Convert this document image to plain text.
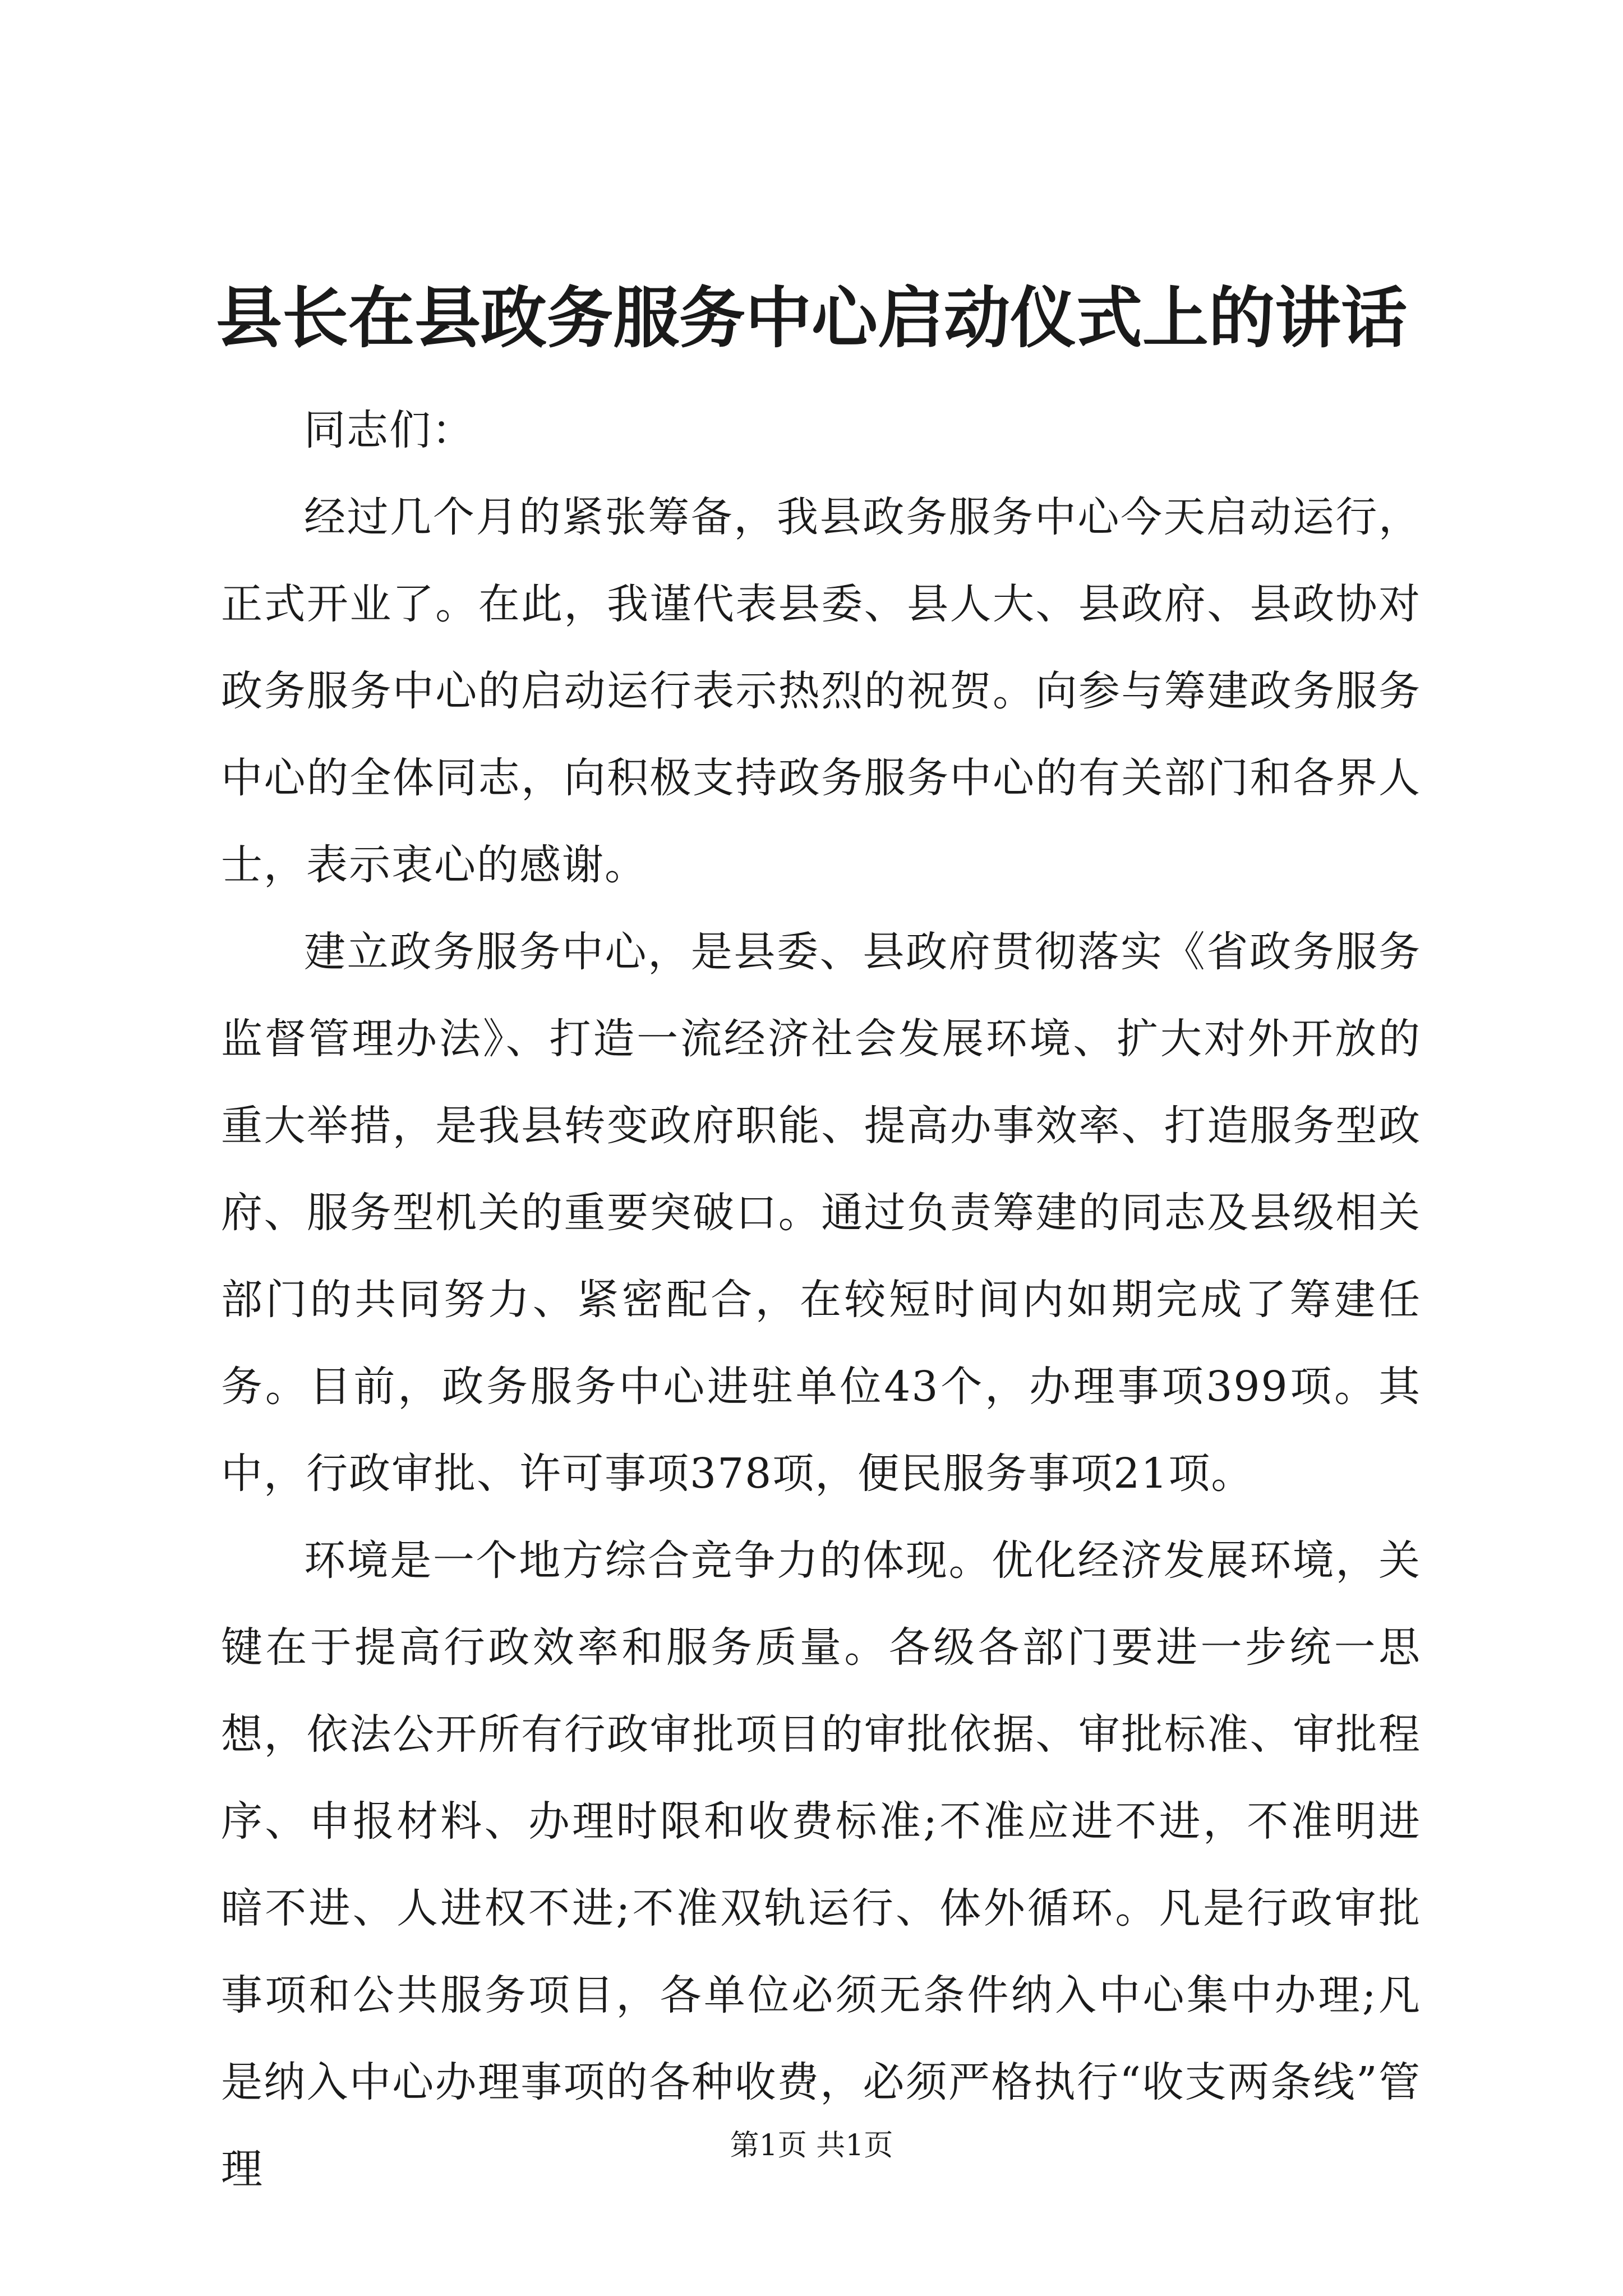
县长在县政务服务中心启动仪式上的讲话

同志们：

经过几个月的紧张筹备，我县政务服务中心今天启动运行，正式开业了。在此，我谨代表县委、县人大、县政府、县政协对政务服务中心的启动运行表示热烈的祝贺。向参与筹建政务服务中心的全体同志，向积极支持政务服务中心的有关部门和各界人士，表示衷心的感谢。

建立政务服务中心，是县委、县政府贯彻落实《省政务服务监督管理办法》、打造一流经济社会发展环境、扩大对外开放的重大举措，是我县转变政府职能、提高办事效率、打造服务型政府、服务型机关的重要突破口。通过负责筹建的同志及县级相关部门的共同努力、紧密配合，在较短时间内如期完成了筹建任务。目前，政务服务中心进驻单位43个，办理事项399项。其中，行政审批、许可事项378项，便民服务事项21项。

环境是一个地方综合竞争力的体现。优化经济发展环境，关键在于提高行政效率和服务质量。各级各部门要进一步统一思想，依法公开所有行政审批项目的审批依据、审批标准、审批程序、申报材料、办理时限和收费标准;不准应进不进，不准明进暗不进、人进权不进;不准双轨运行、体外循环。凡是行政审批事项和公共服务项目，各单位必须无条件纳入中心集中办理;凡是纳入中心办理事项的各种收费，必须严格执行“收支两条线”管理	第1页 共1页
